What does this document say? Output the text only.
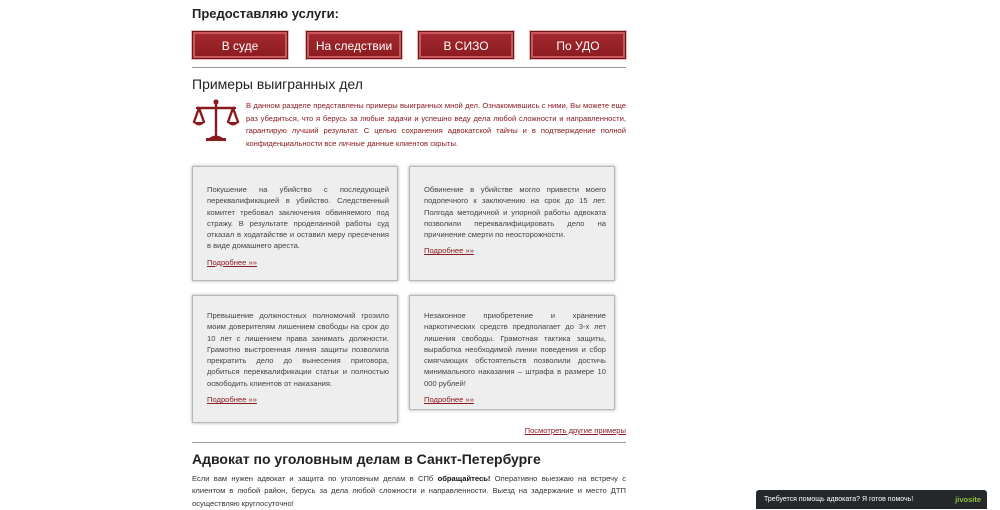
Предоставляю услуги:
В суде	На следствии	В СИЗО	По УДО
Примеры выигранных дел
В данном разделе представлены примеры выигранных мной дел. Ознакомившись с ними, Вы можете еще раз убедиться, что я берусь за любые задачи и успешно веду дела любой сложности и направленности, гарантирую лучший результат. С целью сохранения адвокатской тайны и в подтверждение полной конфиденциальности все личные данные клиентов скрыты.
Покушение на убийство с последующей переквалификацией в убийство. Следственный комитет требовал заключения обвиняемого под стражу. В результате проделанной работы суд отказал в ходатайстве и оставил меру пресечения в виде домашнего ареста.
Подробнее »»
Обвинение в убийстве могло привести моего подопечного к заключению на срок до 15 лет. Полгода методичной и упорной работы адвоката позволили переквалифицировать дело на причинение смерти по неосторожности.
Подробнее »»
Превышение должностных полномочий грозило моим доверителям лишением свободы на срок до 10 лет с лишением права занимать должности. Грамотно выстроенная линия защиты позволила прекратить дело до вынесения приговора, добиться переквалификации статьи и полностью освободить клиентов от наказания.
Подробнее »»
Незаконное приобретение и хранение наркотических средств предполагает до 3-х лет лишения свободы. Грамотная тактика защиты, выработка необходимой линии поведения и сбор смягчающих обстоятельств позволили достичь минимального наказания – штрафа в размере 10 000 рублей!
Подробнее »»
Посмотреть другие примеры
Адвокат по уголовным делам в Санкт-Петербурге
Если вам нужен адвокат и защита по уголовным делам в СПб обращайтесь! Оперативно выезжаю на встречу с клиентом в любой район, берусь за дела любой сложности и направленности. Выезд на задержание и место ДТП осуществляю круглосуточно!	Требуется помощь адвоката? Я готов помочь!	jivosite
